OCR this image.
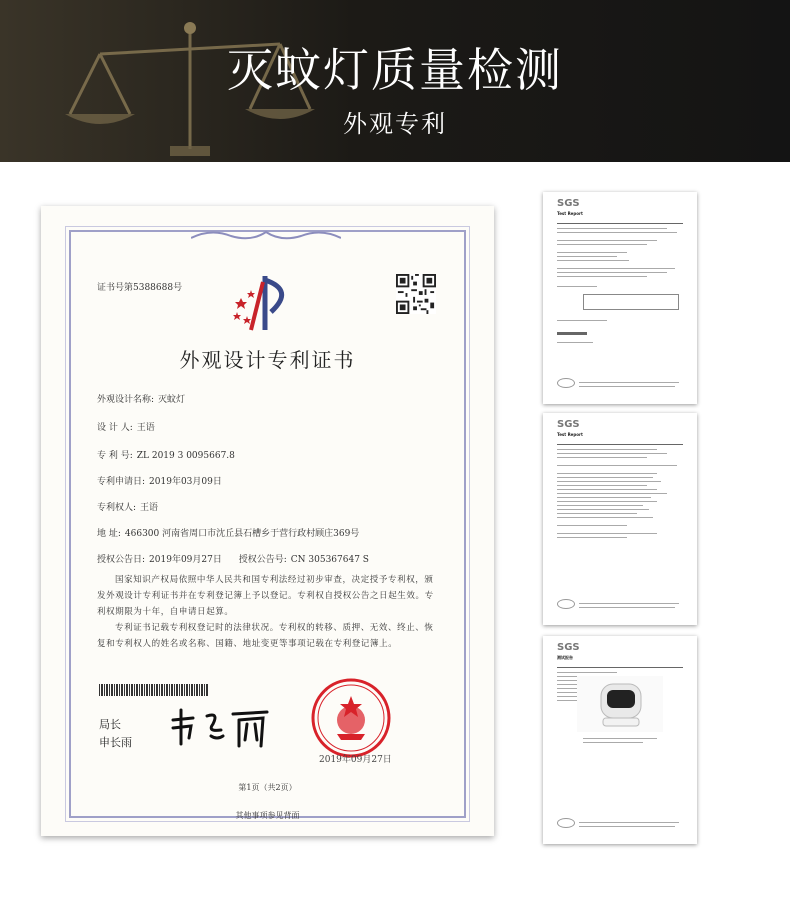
灭蚊灯质量检测
外观专利
证书号第5388688号
外观设计专利证书
外观设计名称: 灭蚊灯
设 计 人: 王语
专 利 号: ZL 2019 3 0095667.8
专利申请日: 2019年03月09日
专利权人: 王语
地 址: 466300 河南省周口市沈丘县石槽乡于营行政村顾庄369号
授权公告日: 2019年09月27日 授权公告号: CN 305367647 S
国家知识产权局依照中华人民共和国专利法经过初步审查，决定授予专利权，颁发外观设计专利证书并在专利登记簿上予以登记。专利权自授权公告之日起生效。专利权期限为十年，自申请日起算。
专利证书记载专利权登记时的法律状况。专利权的转移、质押、无效、终止、恢复和专利权人的姓名或名称、国籍、地址变更等事项记载在专利登记簿上。
局长
申长雨
2019年09月27日
第1页（共2页）
其他事项参见背面
SGS
Test Report
SGS
Test Report
SGS
测试报告
